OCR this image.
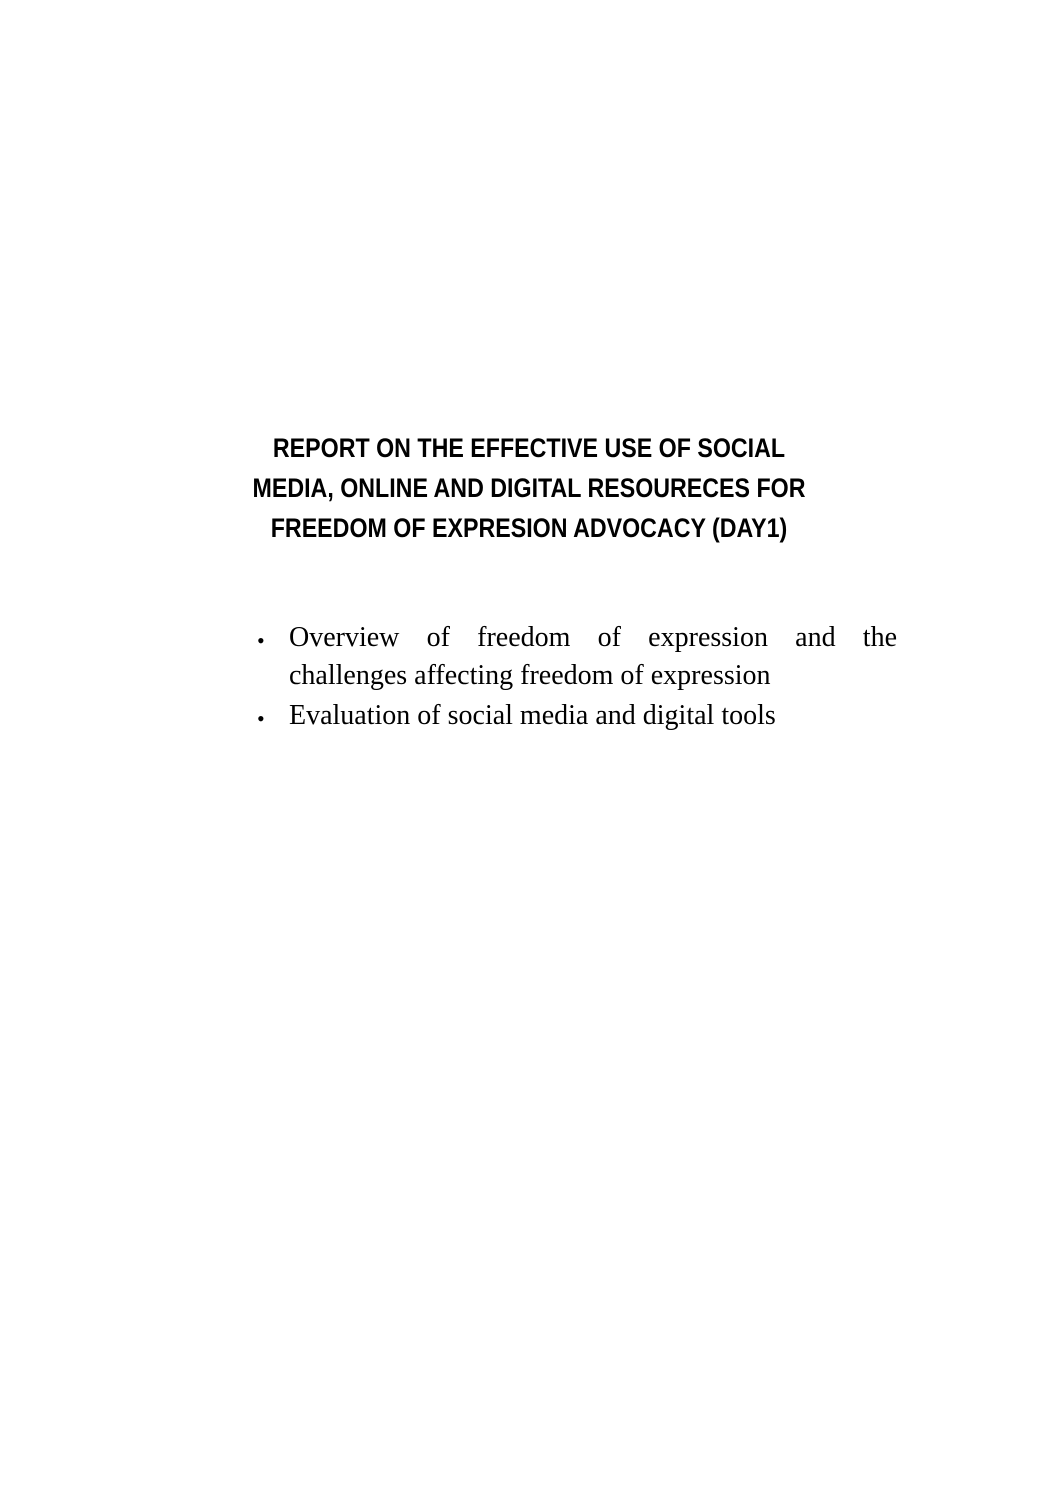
REPORT ON THE EFFECTIVE USE OF SOCIAL
MEDIA, ONLINE AND DIGITAL RESOUREСES FOR
FREEDOM OF EXPRESION ADVOCACY (DAY1)
• Overview of freedom of expression and the
challenges affecting freedom of expression
• Evaluation of social media and digital tools
